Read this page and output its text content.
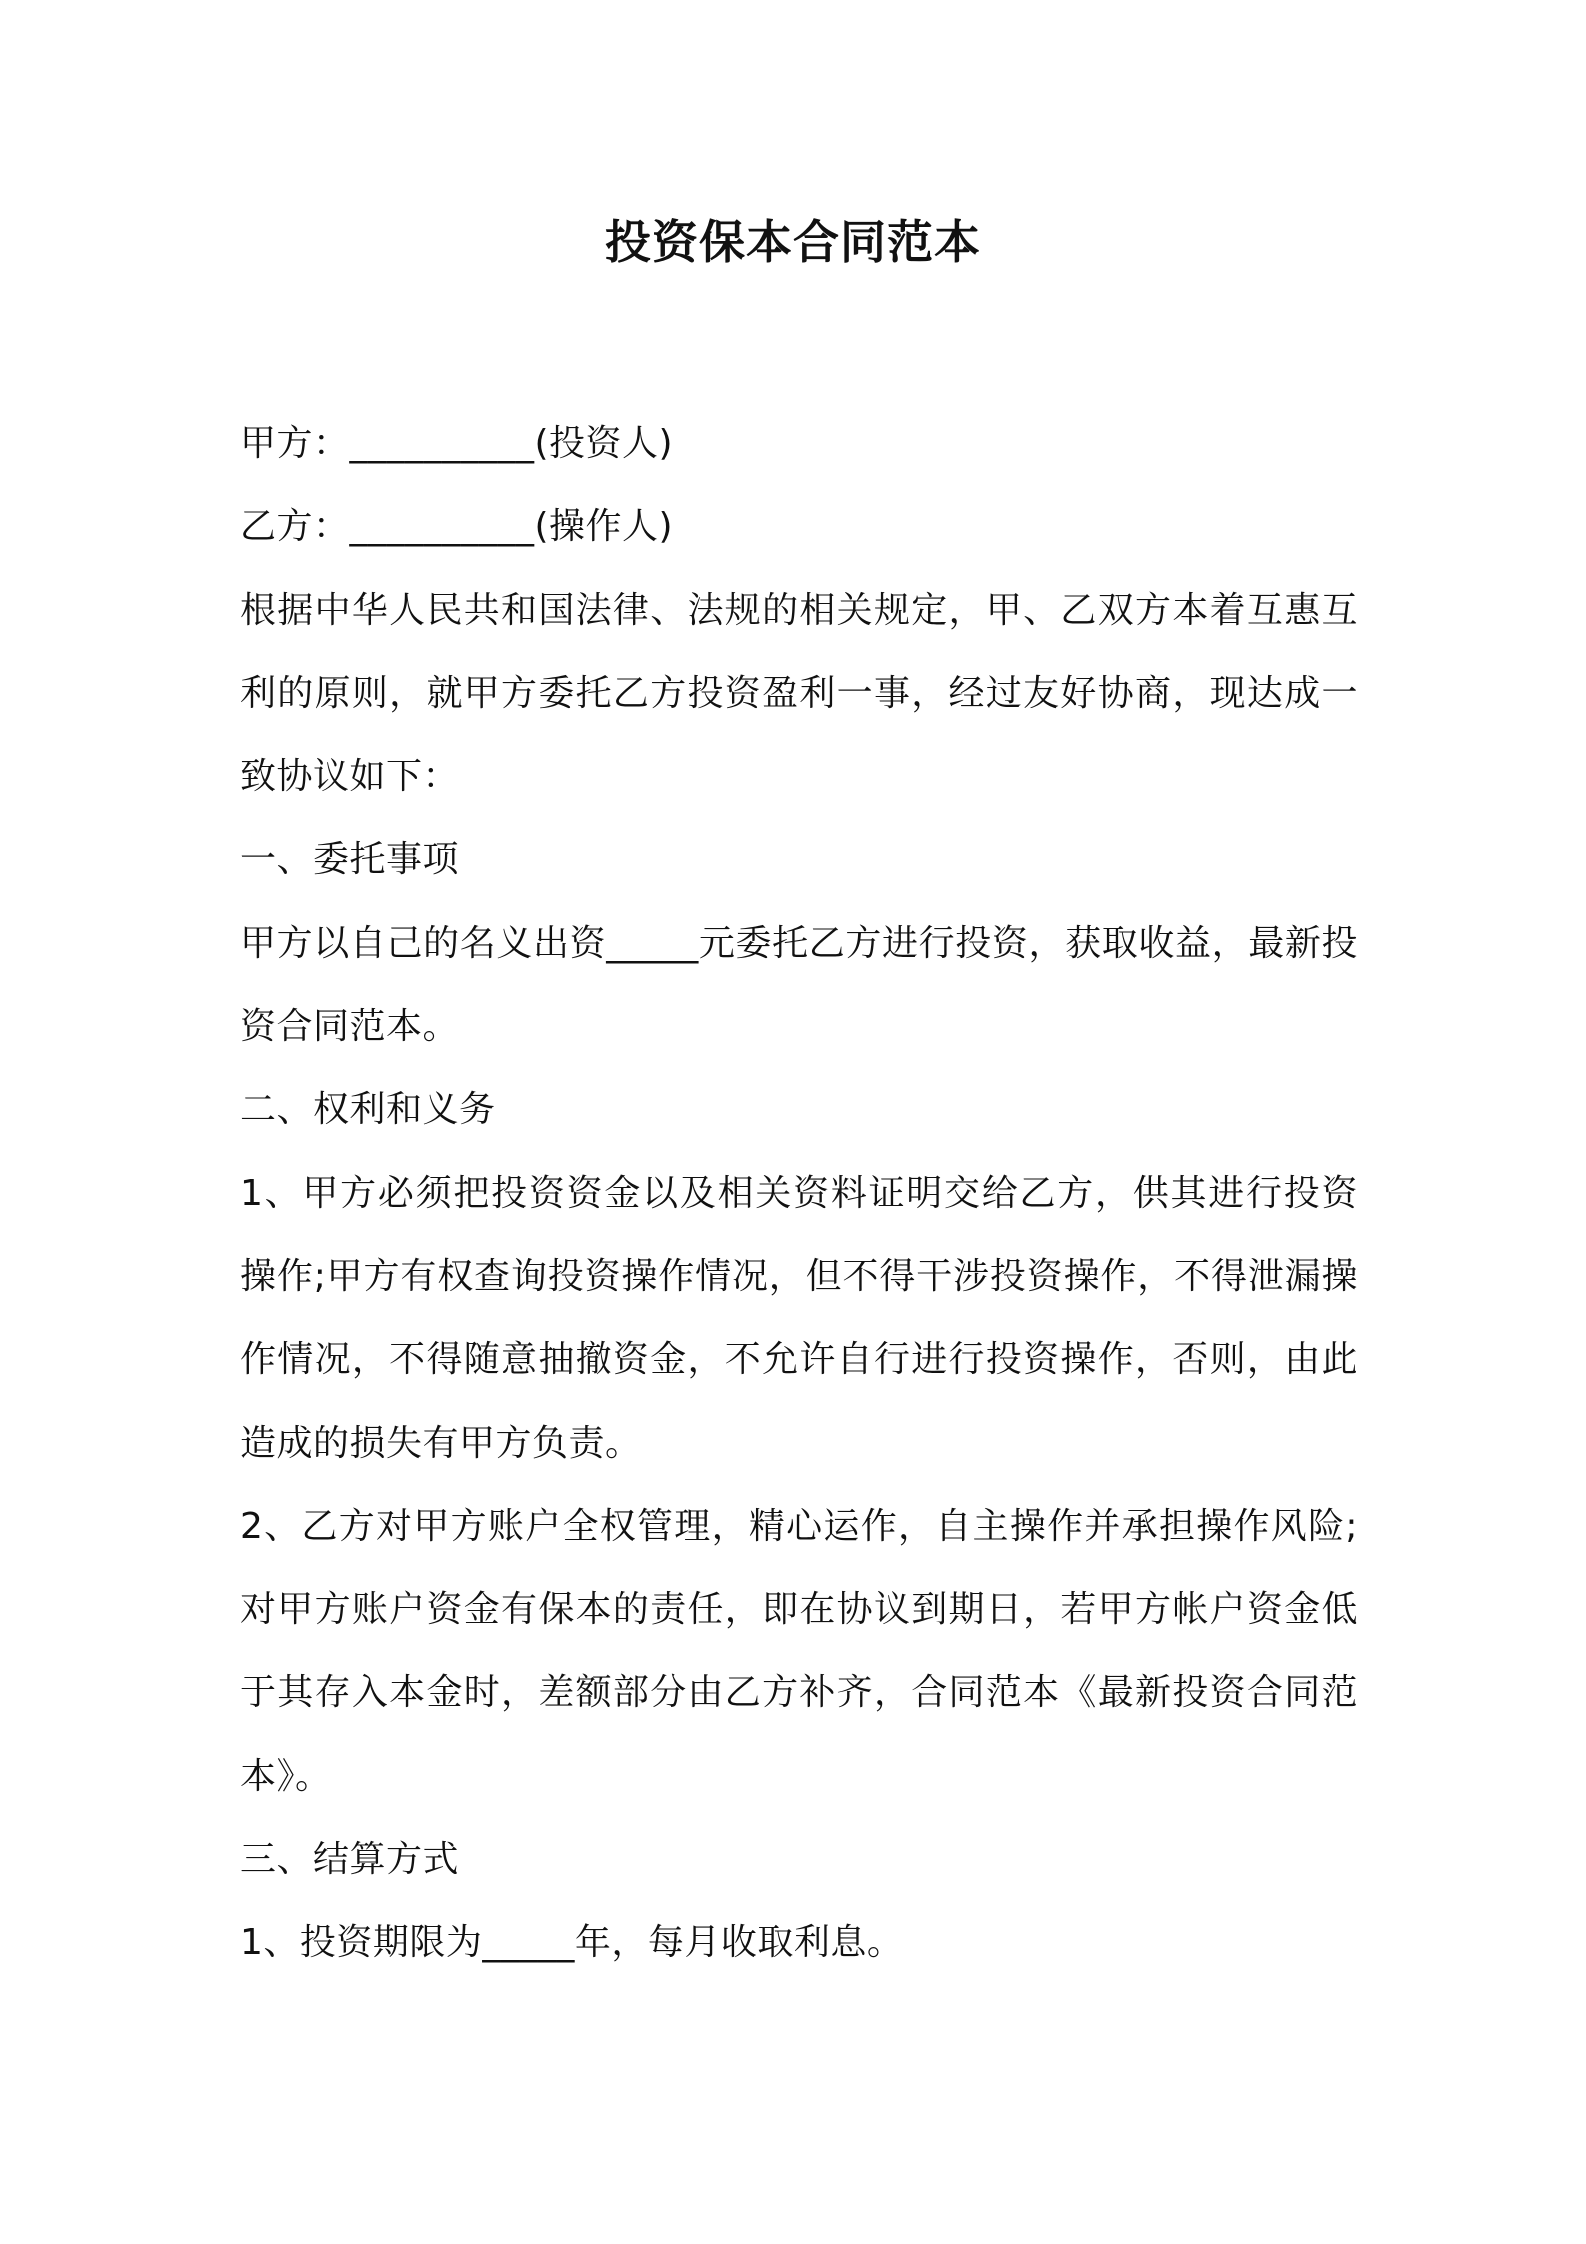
投资保本合同范本

甲方：__________(投资人)

乙方：__________(操作人)

根据中华人民共和国法律、法规的相关规定，甲、乙双方本着互惠互利的原则，就甲方委托乙方投资盈利一事，经过友好协商，现达成一致协议如下：

一、委托事项

甲方以自己的名义出资_____元委托乙方进行投资，获取收益，最新投资合同范本。

二、权利和义务

1、甲方必须把投资资金以及相关资料证明交给乙方，供其进行投资操作;甲方有权查询投资操作情况，但不得干涉投资操作，不得泄漏操作情况，不得随意抽撤资金，不允许自行进行投资操作，否则，由此造成的损失有甲方负责。

2、乙方对甲方账户全权管理，精心运作，自主操作并承担操作风险;对甲方账户资金有保本的责任，即在协议到期日，若甲方帐户资金低于其存入本金时，差额部分由乙方补齐，合同范本《最新投资合同范本》。

三、结算方式

1、投资期限为_____年，每月收取利息。
